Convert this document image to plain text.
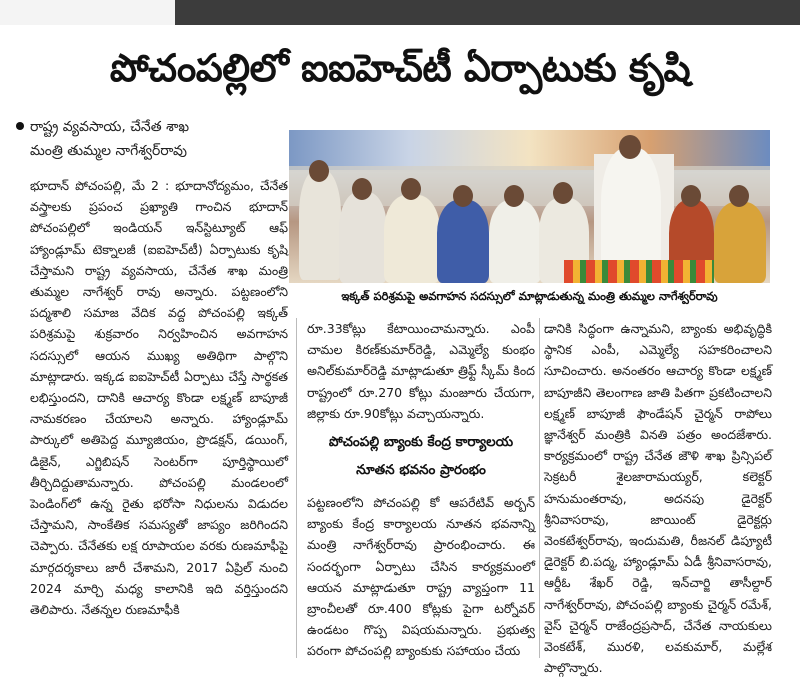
పోచంపల్లిలో ఐఐహెచ్‌టీ ఏర్పాటుకు కృషి
రాష్ట్ర వ్యవసాయ, చేనేత శాఖ
మంత్రి తుమ్మల నాగేశ్వర్‌రావు
ఇక్కత్ పరిశ్రమపై అవగాహన సదస్సులో మాట్లాడుతున్న మంత్రి తుమ్మల నాగేశ్వర్‌రావు

భూదాన్ పోచంపల్లి, మే 2 : భూదానోద్యమం, చేనేత వస్త్రాలకు ప్రపంచ ప్రఖ్యాతి గాంచిన భూదాన్ పోచంపల్లిలో ఇండియన్ ఇన్‌స్టిట్యూట్ ఆఫ్ హ్యాండ్లూమ్ టెక్నాలజీ (ఐఐహెచ్‌టీ) ఏర్పాటుకు కృషి చేస్తామని రాష్ట్ర వ్యవసాయ, చేనేత శాఖ మంత్రి తుమ్మల నాగేశ్వర్ రావు అన్నారు. పట్టణంలోని పద్మశాలి సమాజ వేదిక వద్ద పోచంపల్లి ఇక్కత్ పరిశ్రమపై శుక్రవారం నిర్వహించిన అవగాహన సదస్సులో ఆయన ముఖ్య అతిథిగా పాల్గొని మాట్లాడారు. ఇక్కడ ఐఐహెచ్‌టీ ఏర్పాటు చేస్తే సార్థకత లభిస్తుందని, దానికి ఆచార్య కొండా లక్ష్మణ్ బాపూజీ నామకరణం చేయాలని అన్నారు. హ్యాండ్లూమ్ పార్కులో అతిపెద్ద మ్యూజియం, ప్రొడక్షన్, డయింగ్, డిజైన్, ఎగ్జిబిషన్ సెంటర్‌గా పూర్తిస్థాయిలో తీర్చిదిద్దుతామన్నారు. పోచంపల్లి మండలంలో పెండింగ్‌లో ఉన్న రైతు భరోసా నిధులను విడుదల చేస్తామని, సాంకేతిక సమస్యతో జాప్యం జరిగిందని చెప్పారు. చేనేతకు లక్ష రూపాయల వరకు రుణమాఫీపై మార్గదర్శకాలు జారీ చేశామని, 2017 ఏప్రిల్ నుంచి 2024 మార్చి మధ్య కాలానికి ఇది వర్తిస్తుందని తెలిపారు. నేతన్నల రుణమాఫీకి

రూ.33కోట్లు కేటాయించామన్నారు. ఎంపీ చామల కిరణ్‌కుమార్‌రెడ్డి, ఎమ్మెల్యే కుంభం అనిల్‌కుమార్‌రెడ్డి మాట్లాడుతూ త్రిఫ్ట్ స్కీమ్ కింద రాష్ట్రంలో రూ.270 కోట్లు మంజూరు చేయగా, జిల్లాకు రూ.90కోట్లు వచ్చాయన్నారు.

పోచంపల్లి బ్యాంకు కేంద్ర కార్యాలయ
నూతన భవనం ప్రారంభం

పట్టణంలోని పోచంపల్లి కో ఆపరేటివ్ అర్బన్ బ్యాంకు కేంద్ర కార్యాలయ నూతన భవనాన్ని మంత్రి నాగేశ్వర్‌రావు ప్రారంభించారు. ఈ సందర్భంగా ఏర్పాటు చేసిన కార్యక్రమంలో ఆయన మాట్లాడుతూ రాష్ట్ర వ్యాప్తంగా 11 బ్రాంచీలతో రూ.400 కోట్లకు పైగా టర్నోవర్ ఉండటం గొప్ప విషయమన్నారు. ప్రభుత్వ పరంగా పోచంపల్లి బ్యాంకుకు సహాయం చేయ

డానికి సిద్ధంగా ఉన్నామని, బ్యాంకు అభివృద్ధికి స్థానిక ఎంపీ, ఎమ్మెల్యే సహకరించాలని సూచించారు. అనంతరం ఆచార్య కొండా లక్ష్మణ్ బాపూజీని తెలంగాణ జాతి పితగా ప్రకటించాలని లక్ష్మణ్ బాపూజీ ఫౌండేషన్ చైర్మన్ రాపోలు జ్ఞానేశ్వర్ మంత్రికి వినతి పత్రం అందజేశారు. కార్యక్రమంలో రాష్ట్ర చేనేత జౌళి శాఖ ప్రిన్సిపల్ సెక్రటరీ శైలజారామయ్యర్, కలెక్టర్ హనుమంతరావు, అదనపు డైరెక్టర్ శ్రీనివాసరావు, జాయింట్ డైరెక్టర్లు వెంకటేశ్వర్‌రావు, ఇందుమతి, రీజనల్ డిప్యూటీ డైరెక్టర్ బి.పద్మ, హ్యాండ్లూమ్ ఏడీ శ్రీనివాసరావు, ఆర్డీఓ శేఖర్ రెడ్డి, ఇన్‌చార్జి తాసీల్దార్ నాగేశ్వర్‌రావు, పోచంపల్లి బ్యాంకు చైర్మన్ రమేశ్, వైస్ చైర్మన్ రాజేంద్రప్రసాద్, చేనేత నాయకులు వెంకటేశ్, మురళి, లవకుమార్, మల్లేశ పాల్గొన్నారు.
